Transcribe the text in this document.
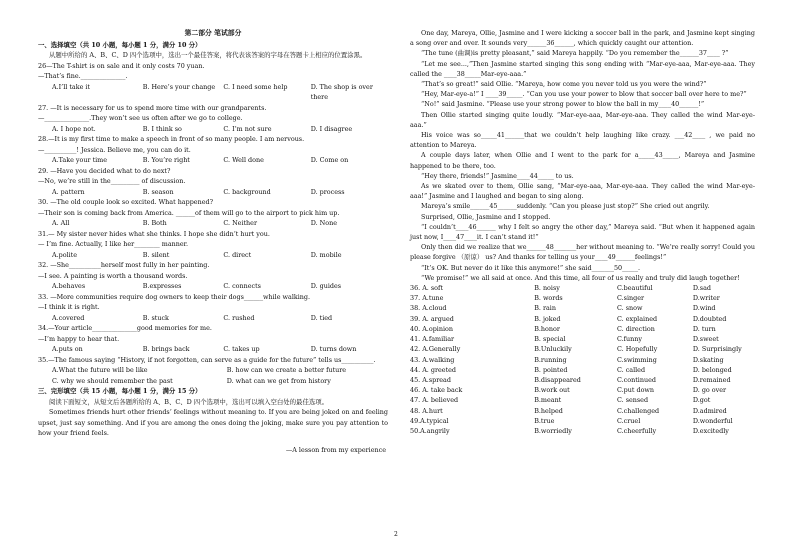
第二部分 笔试部分
一、选择填空（共 10 小题，每小题 1 分，满分 10 分）
从题中所给的 A、B、C、D 四个选项中，选出一个最佳答案，将代表该答案的字母在答题卡上相应的位置涂黑。
26—The T-shirt is on sale and it only costs 70 yuan.
—That’s fine.______________.
A.I’ll take it	B. Here’s your change	C. I need some help	D. The shop is over there
27. —It is necessary for us to spend more time with our grandparents.
—______________.They won’t see us often after we go to college.
A. I hope not.	B. I think so	C. I’m not sure	D. I disagree
28.—It is my first time to make a speech in front of so many people. I am nervous.
—__________! Jessica. Believe me, you can do it.
A.Take your time	B. You’re right	C. Well done	D. Come on
29. —Have you decided what to do next?
—No, we’re still in the_________ of discussion.
A. pattern	B. season	C. background	D. process
30. —The old couple look so excited. What happened?
—Their son is coming back from America. ______of them will go to the airport to pick him up.
A. All	B. Both	C. Neither	D. None
31.— My sister never hides what she thinks. I hope she didn’t hurt you.
— I’m fine. Actually, I like her________ manner.
A.polite	B. silent	C. direct	D. mobile
32. —She__________herself most fully in her painting.
—I see. A painting is worth a thousand words.
A.behaves	B.expresses	C. connects	D. guides
33. —More communities require dog owners to keep their dogs______while walking.
—I think it is right.
A.covered	B. stuck	C. rushed	D. tied
34.—Your article______________good memories for me.
—I’m happy to hear that.
A.puts on	B. brings back	C. takes up	D. turns down
35.—The famous saying “History, if not forgotten, can serve as a guide for the future” tells us__________.
A.What the future will be like	B. how can we create a better future
C. why we should remember the past	D. what can we get from history
三、完形填空（共 15 小题，每小题 1 分，满分 15 分）
阅读下面短文，从短文后各题所给的 A、B、C、D 四个选项中，选出可以填入空白处的最佳选项。
Sometimes friends hurt other friends’ feelings without meaning to. If you are being joked on and feeling upset, just say something. And if you are among the ones doing the joking, make sure you pay attention to how your friend feels.
—A lesson from my experience
One day, Mareya, Ollie, Jasmine and I were kicking a soccer ball in the park, and Jasmine kept singing a song over and over. It sounds very______36______, which quickly caught our attention.
“The tune (曲调)is pretty pleasant,” said Mareya happily. “Do you remember the______37____ ?”
“Let me see...,”Then Jasmine started singing this song ending with “Mar-eye-aaa, Mar-eye-aaa. They called the ____38_____Mar-eye-aaa.”
“That’s so great!” said Ollie. “Mareya, how come you never told us you were the wind?”
“Hey, Mar-eye-a!” I ____39_____. “Can you use your power to blow that soccer ball over here to me?”
“No!” said Jasmine. “Please use your strong power to blow the ball in my____40______!”
Then Ollie started singing quite loudly. “Mar-eye-aaa, Mar-eye-aaa. They called the wind Mar-eye-aaa.”
His voice was so_____41______that we couldn’t help laughing like crazy. ___42____ , we paid no attention to Mareya.
A couple days later, when Ollie and I went to the park for a_____43_____, Mareya and Jasmine happened to be there, too.
“Hey there, friends!” Jasmine____44_____ to us.
As we skated over to them, Ollie sang, “Mar-eye-aaa, Mar-eye-aaa. They called the wind Mar-eye-aaa!” Jasmine and I laughed and began to sing along.
Mareya’s smile______45______suddenly. “Can you please just stop?” She cried out angrily.
Surprised, Ollie, Jasmine and I stopped.
“I couldn’t____46______ why I felt so angry the other day,” Mareya said. “But when it happened again just now, I____47____it. I can’t stand it!”
Only then did we realize that we______48_______her without meaning to. “We’re really sorry! Could you please forgive （原谅） us? And thanks for telling us your____49______feelings!”
“It’s OK. But never do it like this anymore!” she said_______50_____.
“We promise!” we all said at once. And this time, all four of us really and truly did laugh together!
36. A. soft	B. noisy	C.beautiful	D.sad
37. A.tune	B. words	C.singer	D.writer
38. A.cloud	B. rain	C. snow	D.wind
39. A. argued	B. joked	C. explained	D.doubted
40. A.opinion	B.honor	C. direction	D. turn
41. A.familiar	B. special	C.funny	D.sweet
42. A.Generally	B.Unluckily	C. Hopefully	D. Surprisingly
43. A.walking	B.running	C.swimming	D.skating
44. A. greeted	B. pointed	C. called	D. belonged
45. A.spread	B.disappeared	C.continued	D.remained
46. A. take back	B.work out	C.put down	D. go over
47. A. believed	B.meant	C. sensed	D.got
48. A.hurt	B.helped	C.challenged	D.admired
49.A.typical	B.true	C.cruel	D.wonderful
50.A.angrily	B.worriedly	C.cheerfully	D.excitedly
2
